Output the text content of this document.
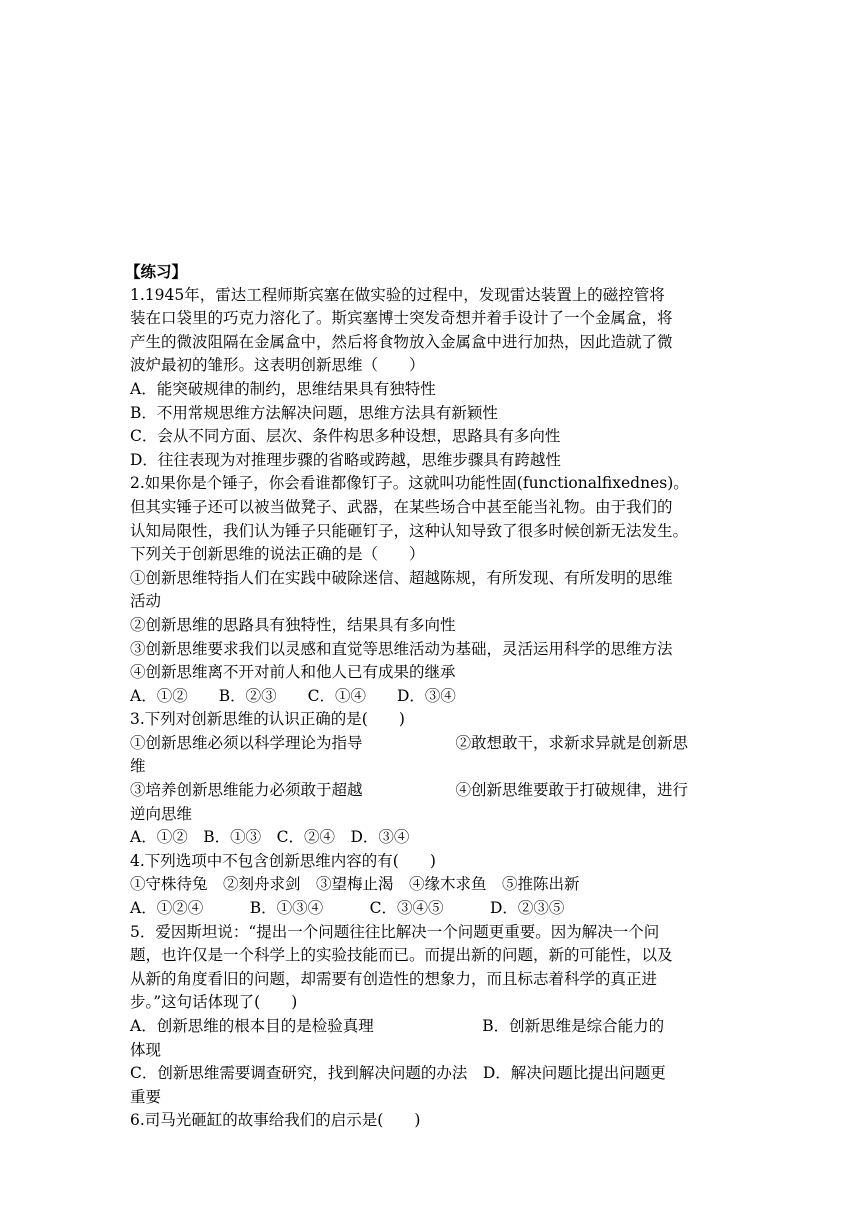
【练习】
1.1945年，雷达工程师斯宾塞在做实验的过程中，发现雷达装置上的磁控管将
装在口袋里的巧克力溶化了。斯宾塞博士突发奇想并着手设计了一个金属盒，将
产生的微波阻隔在金属盒中，然后将食物放入金属盒中进行加热，因此造就了微
波炉最初的雏形。这表明创新思维（　　）
A．能突破规律的制约，思维结果具有独特性
B．不用常规思维方法解决问题，思维方法具有新颖性
C．会从不同方面、层次、条件构思多种设想，思路具有多向性
D．往往表现为对推理步骤的省略或跨越，思维步骤具有跨越性
2.如果你是个锤子，你会看谁都像钉子。这就叫功能性固(functionalfixednes)。
但其实锤子还可以被当做凳子、武器，在某些场合中甚至能当礼物。由于我们的
认知局限性，我们认为锤子只能砸钉子，这种认知导致了很多时候创新无法发生。
下列关于创新思维的说法正确的是（　　）
①创新思维特指人们在实践中破除迷信、超越陈规，有所发现、有所发明的思维
活动
②创新思维的思路具有独特性，结果具有多向性
③创新思维要求我们以灵感和直觉等思维活动为基础，灵活运用科学的思维方法
④创新思维离不开对前人和他人已有成果的继承
A．①②　　B．②③　　C．①④　　D．③④
3.下列对创新思维的认识正确的是(　　)
①创新思维必须以科学理论为指导　　　　　　②敢想敢干，求新求异就是创新思
维
③培养创新思维能力必须敢于超越　　　　　　④创新思维要敢于打破规律，进行
逆向思维
A．①②　B．①③　C．②④　D．③④
4.下列选项中不包含创新思维内容的有(　　)
①守株待兔　②刻舟求剑　③望梅止渴　④缘木求鱼　⑤推陈出新
A．①②④　　　B．①③④　　　C．③④⑤　　　D．②③⑤
5．爱因斯坦说：“提出一个问题往往比解决一个问题更重要。因为解决一个问
题，也许仅是一个科学上的实验技能而已。而提出新的问题，新的可能性，以及
从新的角度看旧的问题，却需要有创造性的想象力，而且标志着科学的真正进
步。”这句话体现了(　　)
A．创新思维的根本目的是检验真理　　　　　　　B．创新思维是综合能力的
体现
C．创新思维需要调查研究，找到解决问题的办法　D．解决问题比提出问题更
重要
6.司马光砸缸的故事给我们的启示是(　　)
